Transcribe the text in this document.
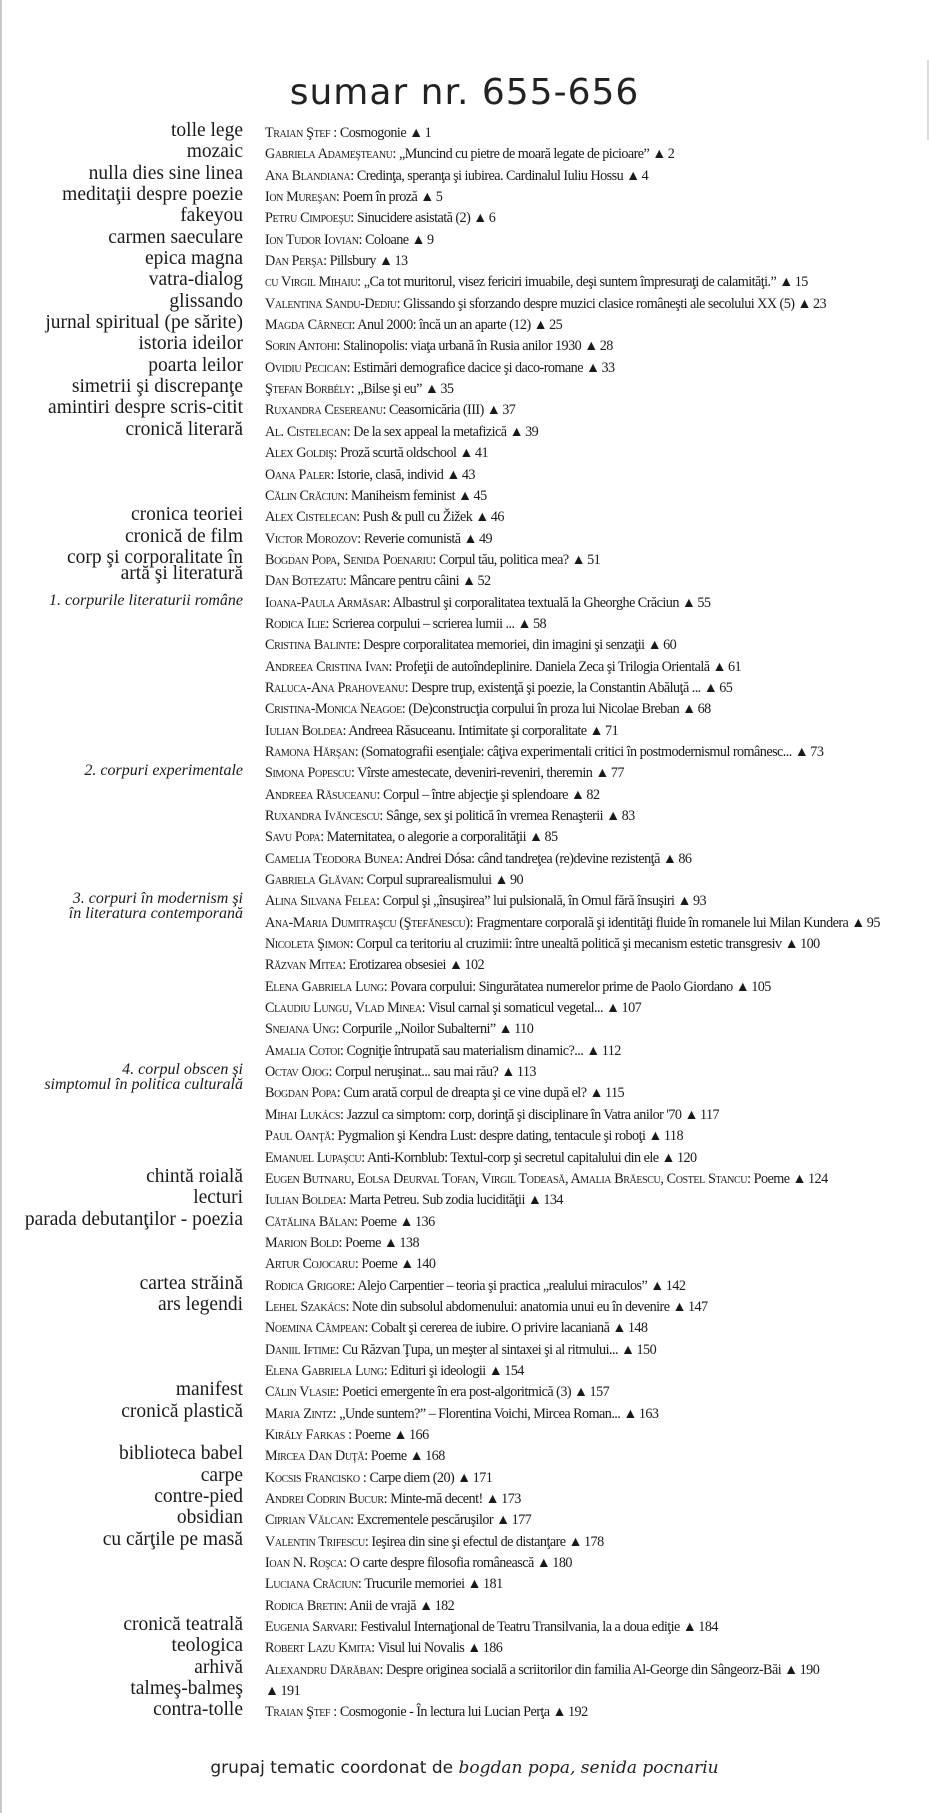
sumar nr. 655-656
tolle lege Traian Ştef : Cosmogonie ▲ 1
mozaic Gabriela Adameşteanu: „Muncind cu pietre de moară legate de picioare” ▲ 2
nulla dies sine linea Ana Blandiana: Credinţa, speranţa şi iubirea. Cardinalul Iuliu Hossu ▲ 4
meditaţii despre poezie Ion Mureşan: Poem în proză ▲ 5
fakeyou Petru Cimpoeşu: Sinucidere asistată (2) ▲ 6
carmen saeculare Ion Tudor Iovian: Coloane ▲ 9
epica magna Dan Perşa: Pillsbury ▲ 13
vatra-dialog cu Virgil Mihaiu: „Ca tot muritorul, visez fericiri imuabile, deşi suntem împresuraţi de calamităţi.” ▲ 15
glissando Valentina Sandu-Dediu: Glissando şi sforzando despre muzici clasice româneşti ale secolului XX (5) ▲ 23
jurnal spiritual (pe sărite) Magda Cârneci: Anul 2000: încă un an aparte (12) ▲ 25
istoria ideilor Sorin Antohi: Stalinopolis: viaţa urbană în Rusia anilor 1930 ▲ 28
poarta leilor Ovidiu Pecican: Estimări demografice dacice şi daco-romane ▲ 33
simetrii şi discrepanţe Ştefan Borbély: „Bilse şi eu” ▲ 35
amintiri despre scris-citit Ruxandra Cesereanu: Ceasornicăria (III) ▲ 37
cronică literară Al. Cistelecan: De la sex appeal la metafizică ▲ 39
Alex Goldiş: Proză scurtă oldschool ▲ 41
Oana Paler: Istorie, clasă, individ ▲ 43
Călin Crăciun: Maniheism feminist ▲ 45
cronica teoriei Alex Cistelecan: Push & pull cu Žižek ▲ 46
cronică de film Victor Morozov: Reverie comunistă ▲ 49
corp şi corporalitate în
artă şi literatură
Bogdan Popa, Senida Poenariu: Corpul tău, politica mea? ▲ 51
Dan Botezatu: Mâncare pentru câini ▲ 52
1. corpurile literaturii române Ioana-Paula Armăsar: Albastrul şi corporalitatea textuală la Gheorghe Crăciun ▲ 55
Rodica Ilie: Scrierea corpului – scrierea lumii ... ▲ 58
Cristina Balinte: Despre corporalitatea memoriei, din imagini şi senzaţii ▲ 60
Andreea Cristina Ivan: Profeţii de autoîndeplinire. Daniela Zeca şi Trilogia Orientală ▲ 61
Raluca-Ana Prahoveanu: Despre trup, existenţă şi poezie, la Constantin Abăluţă ... ▲ 65
Cristina-Monica Neagoe: (De)construcţia corpului în proza lui Nicolae Breban ▲ 68
Iulian Boldea: Andreea Răsuceanu. Intimitate şi corporalitate ▲ 71
Ramona Hărşan: (Somatografii esenţiale: câţiva experimentali critici în postmodernismul românesc... ▲ 73
2. corpuri experimentale Simona Popescu: Vîrste amestecate, deveniri-reveniri, theremin ▲ 77
Andreea Răsuceanu: Corpul – între abjecţie şi splendoare ▲ 82
Ruxandra Ivăncescu: Sânge, sex şi politică în vremea Renaşterii ▲ 83
Savu Popa: Maternitatea, o alegorie a corporalităţii ▲ 85
Camelia Teodora Bunea: Andrei Dósa: când tandreţea (re)devine rezistenţă ▲ 86
Gabriela Glăvan: Corpul suprarealismului ▲ 90
3. corpuri în modernism şi
în literatura contemporană
Alina Silvana Felea: Corpul şi „însuşirea” lui pulsională, în Omul fără însuşiri ▲ 93
Ana-Maria Dumitraşcu (Ştefănescu): Fragmentare corporală şi identităţi fluide în romanele lui Milan Kundera ▲ 95
Nicoleta Şimon: Corpul ca teritoriu al cruzimii: între unealtă politică şi mecanism estetic transgresiv ▲ 100
Răzvan Mitea: Erotizarea obsesiei ▲ 102
Elena Gabriela Lung: Povara corpului: Singurătatea numerelor prime de Paolo Giordano ▲ 105
Claudiu Lungu, Vlad Minea: Visul carnal şi somaticul vegetal... ▲ 107
Snejana Ung: Corpurile „Noilor Subalterni” ▲ 110
Amalia Cotoi: Cogniţie întrupată sau materialism dinamic?... ▲ 112
4. corpul obscen şi
simptomul în politica culturală
Octav Ojog: Corpul neruşinat... sau mai rău? ▲ 113
Bogdan Popa: Cum arată corpul de dreapta şi ce vine după el? ▲ 115
Mihai Lukács: Jazzul ca simptom: corp, dorinţă şi disciplinare în Vatra anilor '70 ▲ 117
Paul Oanţă: Pygmalion şi Kendra Lust: despre dating, tentacule şi roboţi ▲ 118
Emanuel Lupaşcu: Anti-Kornblub: Textul-corp şi secretul capitalului din ele ▲ 120
chintă roială Eugen Butnaru, Eolsa Deurval Tofan, Virgil Todeasă, Amalia Brăescu, Costel Stancu: Poeme ▲ 124
lecturi Iulian Boldea: Marta Petreu. Sub zodia lucidităţii ▲ 134
parada debutanţilor - poezia Cătălina Bălan: Poeme ▲ 136
Marion Bold: Poeme ▲ 138
Artur Cojocaru: Poeme ▲ 140
cartea străină Rodica Grigore: Alejo Carpentier – teoria şi practica „realului miraculos” ▲ 142
ars legendi Lehel Szakács: Note din subsolul abdomenului: anatomia unui eu în devenire ▲ 147
Noemina Câmpean: Cobalt şi cererea de iubire. O privire lacaniană ▲ 148
Daniil Iftime: Cu Răzvan Ţupa, un meşter al sintaxei şi al ritmului... ▲ 150
Elena Gabriela Lung: Edituri şi ideologii ▲ 154
manifest Călin Vlasie: Poetici emergente în era post-algoritmică (3) ▲ 157
cronică plastică Maria Zintz: „Unde suntem?” – Florentina Voichi, Mircea Roman... ▲ 163
Király Farkas : Poeme ▲ 166
biblioteca babel Mircea Dan Duţă: Poeme ▲ 168
carpe Kocsis Francisko : Carpe diem (20) ▲ 171
contre-pied Andrei Codrin Bucur: Minte-mă decent! ▲ 173
obsidian Ciprian Vălcan: Excrementele pescăruşilor ▲ 177
cu cărţile pe masă Valentin Trifescu: Ieşirea din sine şi efectul de distanţare ▲ 178
Ioan N. Roşca: O carte despre filosofia românească ▲ 180
Luciana Crăciun: Trucurile memoriei ▲ 181
Rodica Bretin: Anii de vrajă ▲ 182
cronică teatrală Eugenia Sarvari: Festivalul Internaţional de Teatru Transilvania, la a doua ediţie ▲ 184
teologica Robert Lazu Kmita: Visul lui Novalis ▲ 186
arhivă Alexandru Dărăban: Despre originea socială a scriitorilor din familia Al-George din Sângeorz-Băi ▲ 190
talmeş-balmeş ▲ 191
contra-tolle Traian Ştef : Cosmogonie - În lectura lui Lucian Perţa ▲ 192
grupaj tematic coordonat de bogdan popa, senida pocnariu
